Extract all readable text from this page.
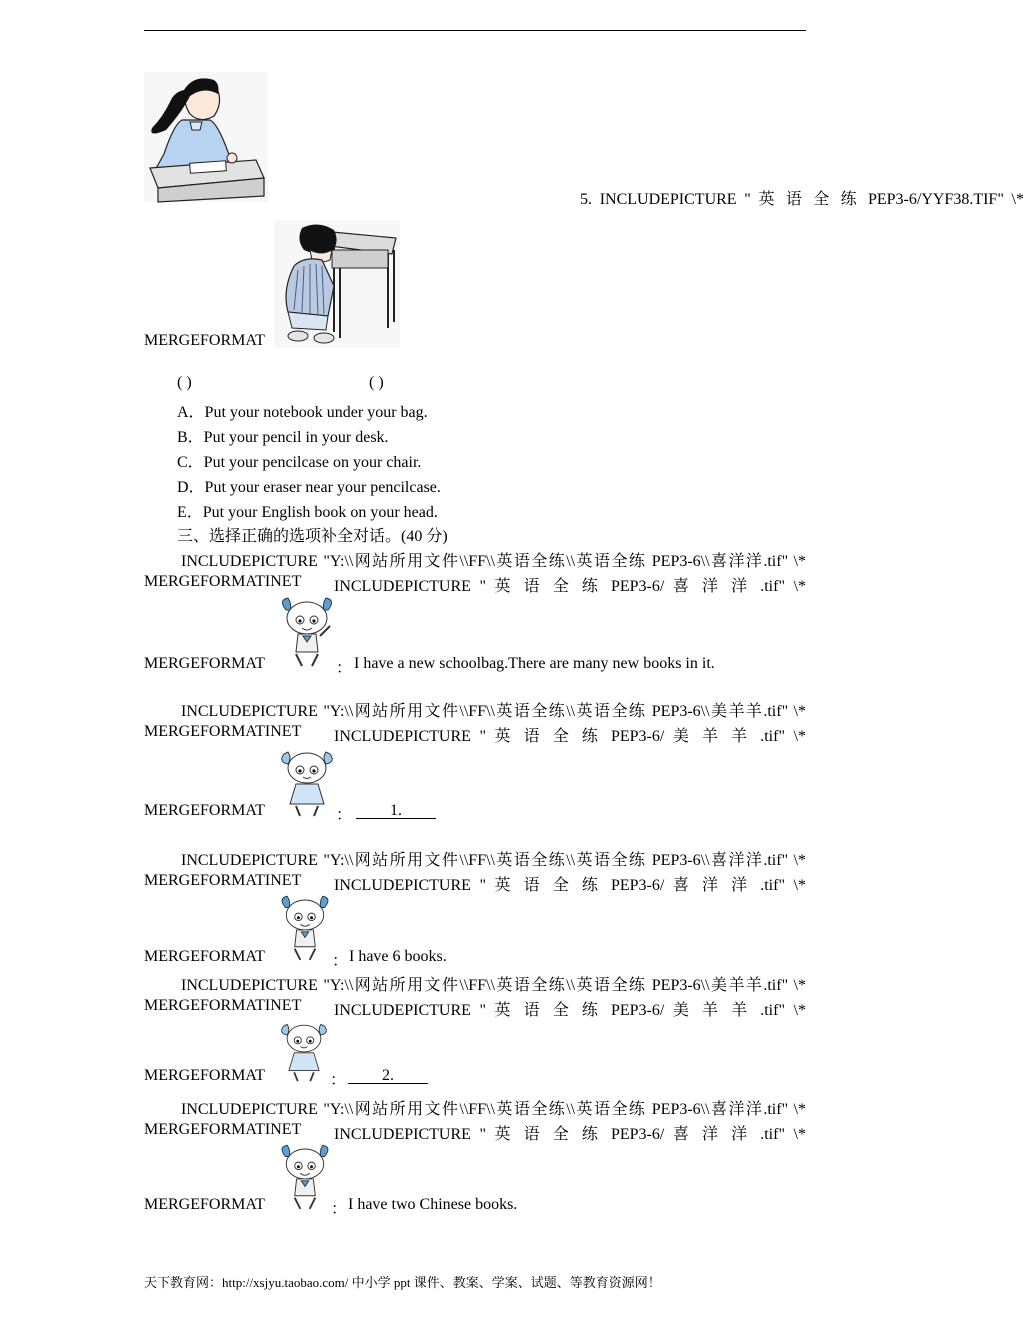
5. INCLUDEPICTURE " 英 语 全 练 PEP3-6/YYF38.TIF" \*
MERGEFORMAT
( )	( )
A．Put your notebook under your bag.
B．Put your pencil in your desk.
C．Put your pencilcase on your chair.
D．Put your eraser near your pencilcase.
E．Put your English book on your head.
三、选择正确的选项补全对话。(40 分)
INCLUDEPICTURE "Y:\\网站所用文件\\FF\\英语全练\\英语全练 PEP3-6\\喜洋洋.tif" \*
MERGEFORMATINET INCLUDEPICTURE " 英 语 全 练 PEP3-6/ 喜 洋 洋 .tif" \*
MERGEFORMAT	： I have a new schoolbag.There are many new books in it.
INCLUDEPICTURE "Y:\\网站所用文件\\FF\\英语全练\\英语全练 PEP3-6\\美羊羊.tif" \*
MERGEFORMATINET INCLUDEPICTURE " 英 语 全 练 PEP3-6/ 美 羊 羊 .tif" \*
MERGEFORMAT	：	1.
INCLUDEPICTURE "Y:\\网站所用文件\\FF\\英语全练\\英语全练 PEP3-6\\喜洋洋.tif" \*
MERGEFORMATINET INCLUDEPICTURE " 英 语 全 练 PEP3-6/ 喜 洋 洋 .tif" \*
MERGEFORMAT	： I have 6 books.
INCLUDEPICTURE "Y:\\网站所用文件\\FF\\英语全练\\英语全练 PEP3-6\\美羊羊.tif" \*
MERGEFORMATINET INCLUDEPICTURE " 英 语 全 练 PEP3-6/ 美 羊 羊 .tif" \*
MERGEFORMAT	：	2.
INCLUDEPICTURE "Y:\\网站所用文件\\FF\\英语全练\\英语全练 PEP3-6\\喜洋洋.tif" \*
MERGEFORMATINET INCLUDEPICTURE " 英 语 全 练 PEP3-6/ 喜 洋 洋 .tif" \*
MERGEFORMAT	： I have two Chinese books.
天下教育网：http://xsjyu.taobao.com/ 中小学 ppt 课件、教案、学案、试题、等教育资源网！
